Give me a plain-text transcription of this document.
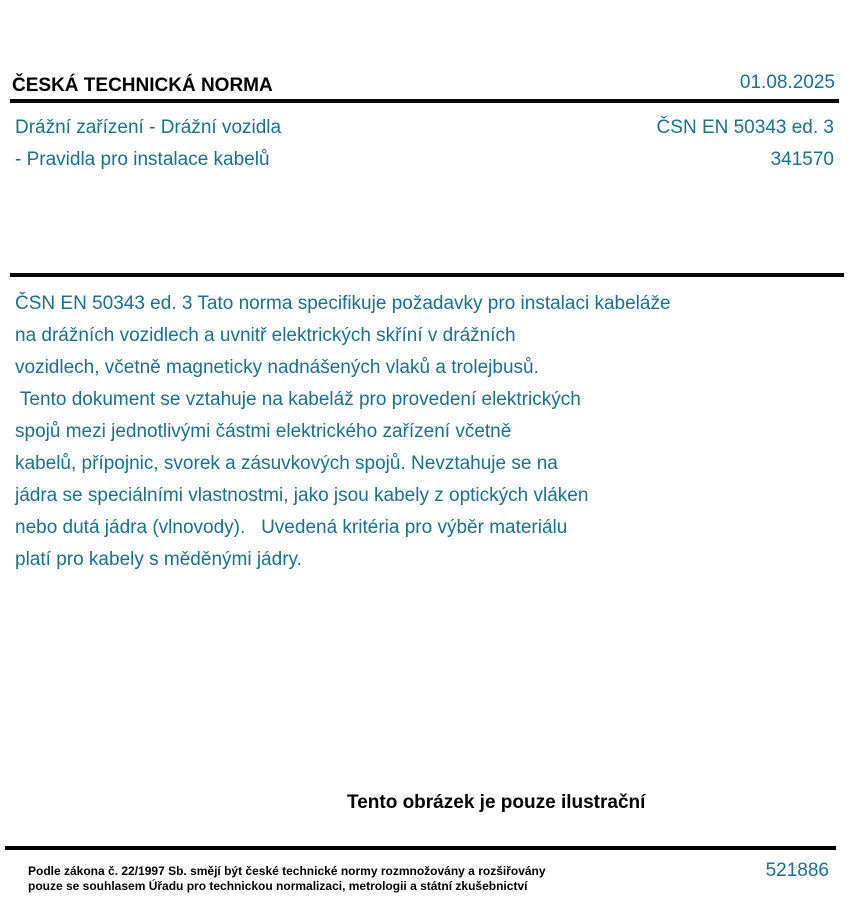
ČESKÁ TECHNICKÁ NORMA	01.08.2025
Drážní zařízení - Drážní vozidla
- Pravidla pro instalace kabelů
ČSN EN 50343 ed. 3
341570
ČSN EN 50343 ed. 3 Tato norma specifikuje požadavky pro instalaci kabeláže
na drážních vozidlech a uvnitř elektrických skříní v drážních
vozidlech, včetně magneticky nadnášených vlaků a trolejbusů.
Tento dokument se vztahuje na kabeláž pro provedení elektrických
spojů mezi jednotlivými částmi elektrického zařízení včetně
kabelů, přípojnic, svorek a zásuvkových spojů. Nevztahuje se na
jádra se speciálními vlastnostmi, jako jsou kabely z optických vláken
nebo dutá jádra (vlnovody).   Uvedená kritéria pro výběr materiálu
platí pro kabely s měděnými jádry.
Tento obrázek je pouze ilustrační
Podle zákona č. 22/1997 Sb. smějí být české technické normy rozmnožovány a rozšiřovány
pouze se souhlasem Úřadu pro technickou normalizaci, metrologii a státní zkušebnictví
521886
